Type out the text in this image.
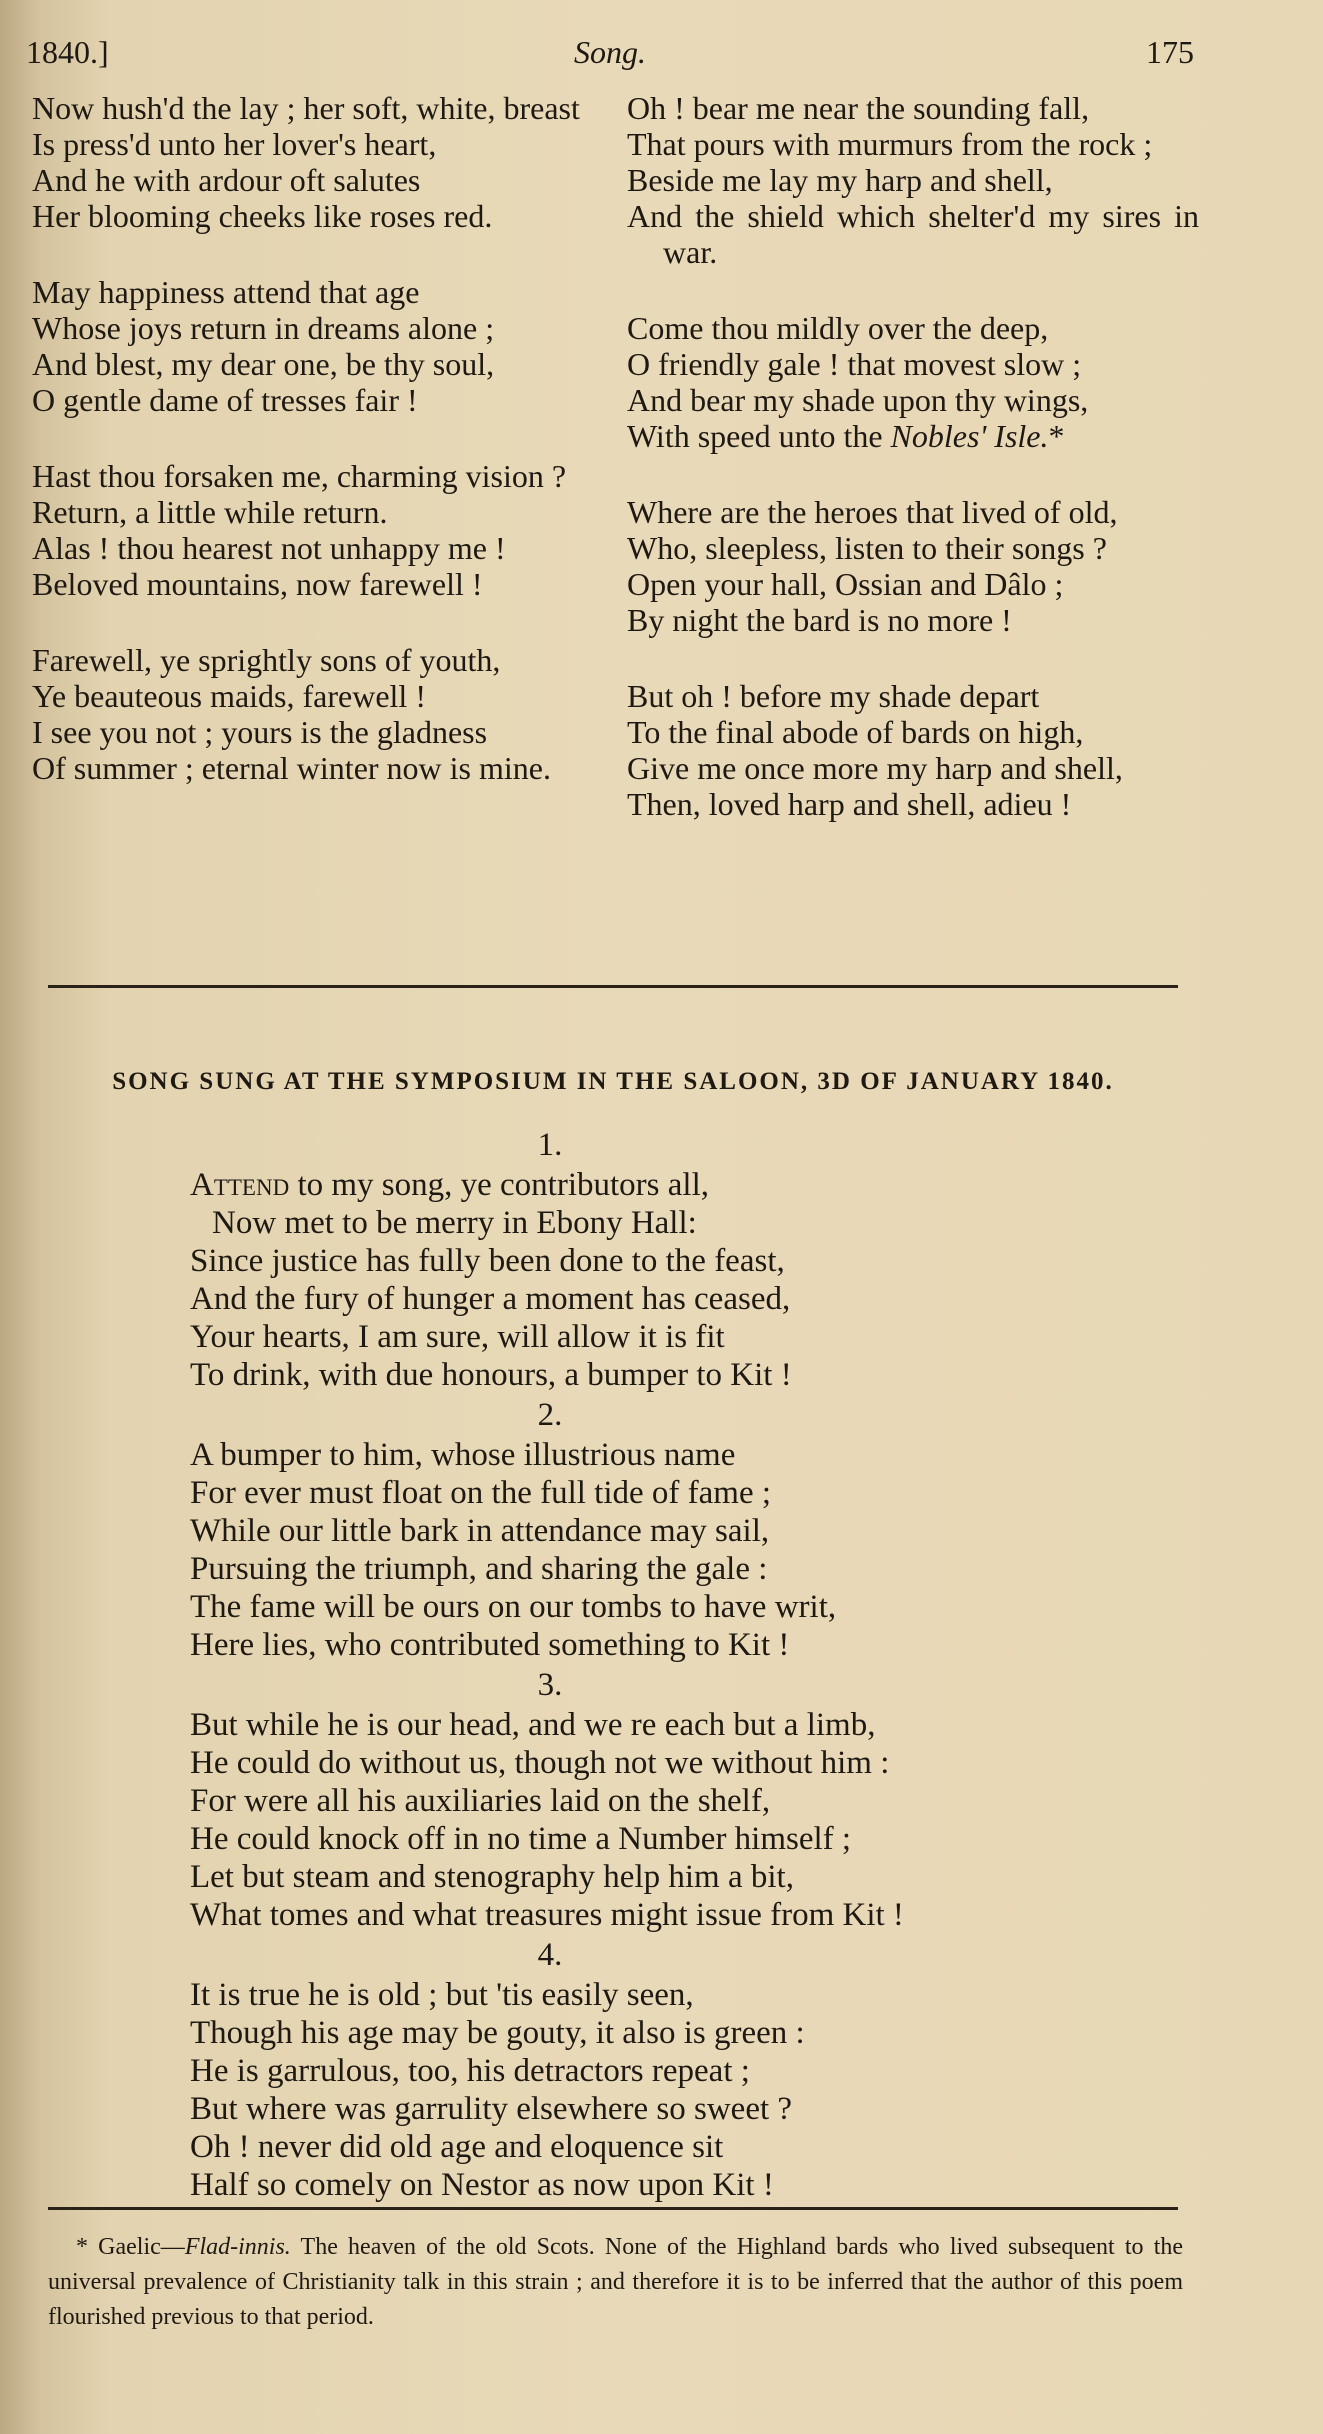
1840.]	Song.	175
Now hush'd the lay ; her soft, white, breast
Is press'd unto her lover's heart,
And he with ardour oft salutes
Her blooming cheeks like roses red.
May happiness attend that age
Whose joys return in dreams alone ;
And blest, my dear one, be thy soul,
O gentle dame of tresses fair !
Hast thou forsaken me, charming vision ?
Return, a little while return.
Alas ! thou hearest not unhappy me !
Beloved mountains, now farewell !
Farewell, ye sprightly sons of youth,
Ye beauteous maids, farewell !
I see you not ; yours is the gladness
Of summer ; eternal winter now is mine.
Oh ! bear me near the sounding fall,
That pours with murmurs from the rock ;
Beside me lay my harp and shell,
And the shield which shelter'd my sires in war.
Come thou mildly over the deep,
O friendly gale ! that movest slow ;
And bear my shade upon thy wings,
With speed unto the Nobles' Isle.*
Where are the heroes that lived of old,
Who, sleepless, listen to their songs ?
Open your hall, Ossian and Dâlo ;
By night the bard is no more !
But oh ! before my shade depart
To the final abode of bards on high,
Give me once more my harp and shell,
Then, loved harp and shell, adieu !
SONG SUNG AT THE SYMPOSIUM IN THE SALOON, 3D OF JANUARY 1840.
1.
Attend to my song, ye contributors all,
Now met to be merry in Ebony Hall:
Since justice has fully been done to the feast,
And the fury of hunger a moment has ceased,
Your hearts, I am sure, will allow it is fit
To drink, with due honours, a bumper to Kit !
2.
A bumper to him, whose illustrious name
For ever must float on the full tide of fame ;
While our little bark in attendance may sail,
Pursuing the triumph, and sharing the gale :
The fame will be ours on our tombs to have writ,
Here lies, who contributed something to Kit !
3.
But while he is our head, and we re each but a limb,
He could do without us, though not we without him :
For were all his auxiliaries laid on the shelf,
He could knock off in no time a Number himself ;
Let but steam and stenography help him a bit,
What tomes and what treasures might issue from Kit !
4.
It is true he is old ; but 'tis easily seen,
Though his age may be gouty, it also is green :
He is garrulous, too, his detractors repeat ;
But where was garrulity elsewhere so sweet ?
Oh ! never did old age and eloquence sit
Half so comely on Nestor as now upon Kit !
* Gaelic—Flad-innis. The heaven of the old Scots. None of the Highland bards who lived subsequent to the universal prevalence of Christianity talk in this strain ; and therefore it is to be inferred that the author of this poem flourished previous to that period.
